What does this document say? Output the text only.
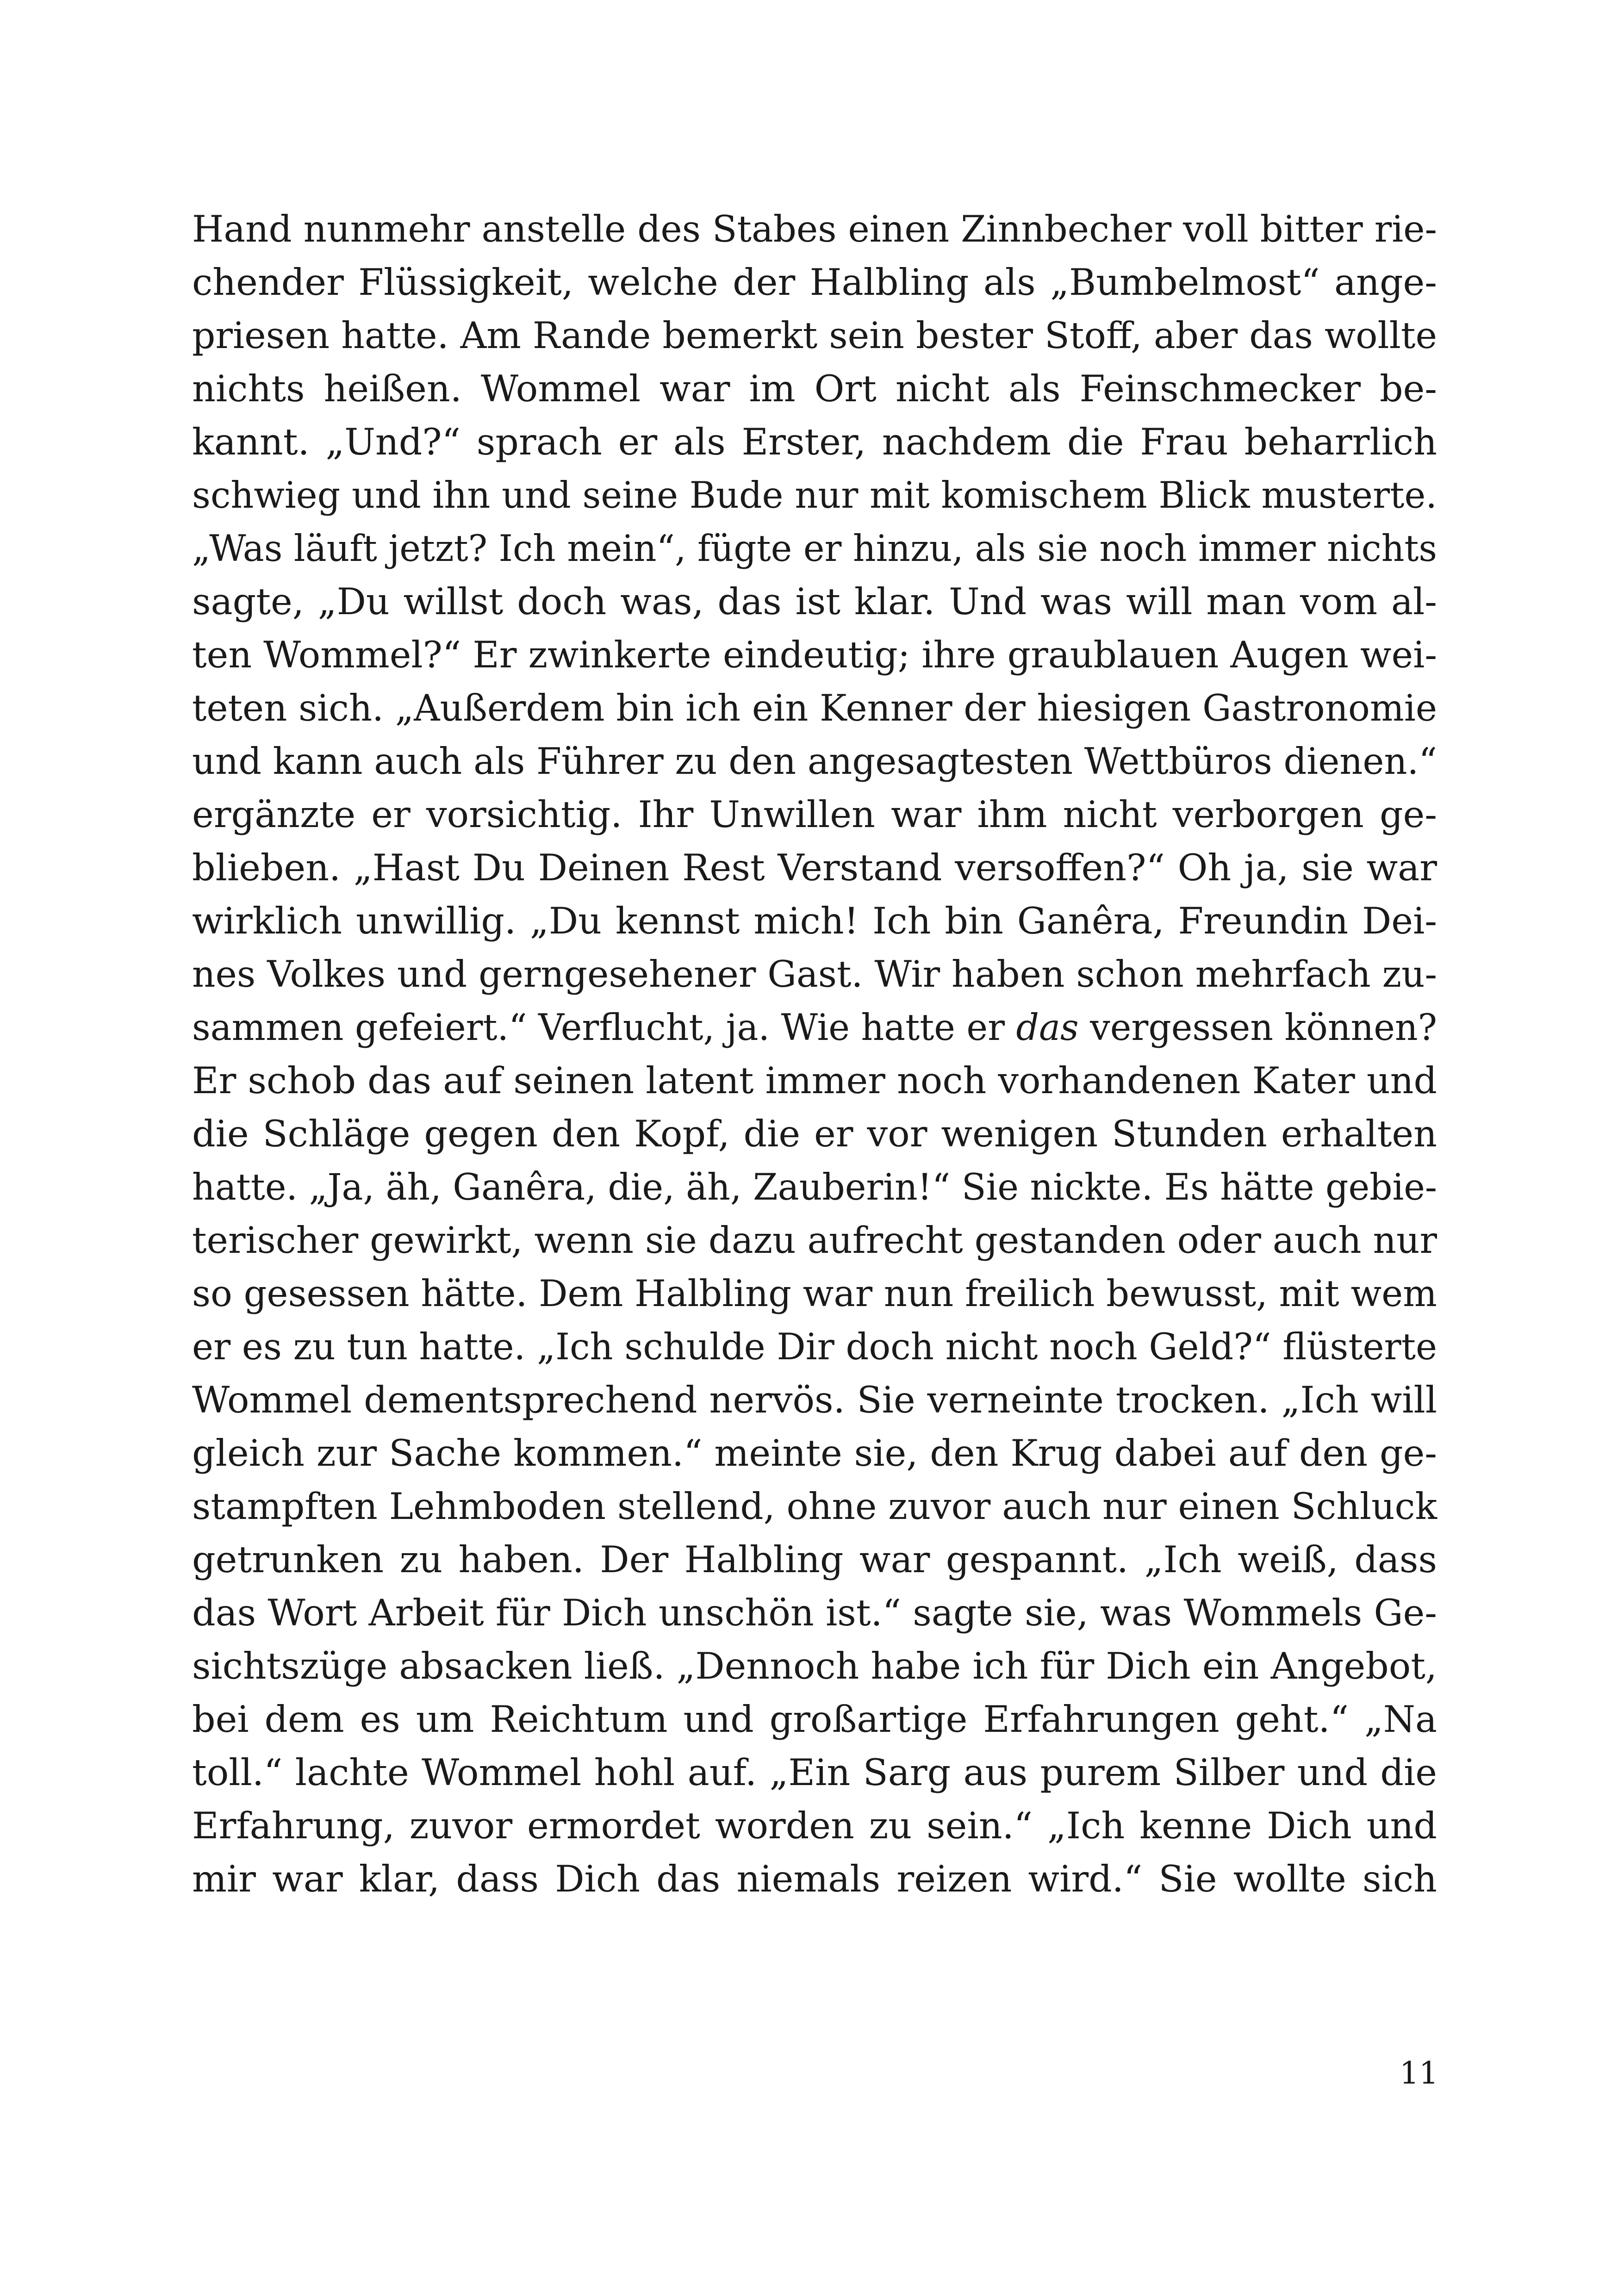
Hand nunmehr anstelle des Stabes einen Zinnbecher voll bitter rie-
chender Flüssigkeit, welche der Halbling als „Bumbelmost“ ange-
priesen hatte. Am Rande bemerkt sein bester Stoff, aber das wollte
nichts heißen. Wommel war im Ort nicht als Feinschmecker be-
kannt. „Und?“ sprach er als Erster, nachdem die Frau beharrlich
schwieg und ihn und seine Bude nur mit komischem Blick musterte.
„Was läuft jetzt? Ich mein“, fügte er hinzu, als sie noch immer nichts
sagte, „Du willst doch was, das ist klar. Und was will man vom al-
ten Wommel?“ Er zwinkerte eindeutig; ihre graublauen Augen wei-
teten sich. „Außerdem bin ich ein Kenner der hiesigen Gastronomie
und kann auch als Führer zu den angesagtesten Wettbüros dienen.“
ergänzte er vorsichtig. Ihr Unwillen war ihm nicht verborgen ge-
blieben. „Hast Du Deinen Rest Verstand versoffen?“ Oh ja, sie war
wirklich unwillig. „Du kennst mich! Ich bin Ganêra, Freundin Dei-
nes Volkes und gerngesehener Gast. Wir haben schon mehrfach zu-
sammen gefeiert.“ Verflucht, ja. Wie hatte er das vergessen können?
Er schob das auf seinen latent immer noch vorhandenen Kater und
die Schläge gegen den Kopf, die er vor wenigen Stunden erhalten
hatte. „Ja, äh, Ganêra, die, äh, Zauberin!“ Sie nickte. Es hätte gebie-
terischer gewirkt, wenn sie dazu aufrecht gestanden oder auch nur
so gesessen hätte. Dem Halbling war nun freilich bewusst, mit wem
er es zu tun hatte. „Ich schulde Dir doch nicht noch Geld?“ flüsterte
Wommel dementsprechend nervös. Sie verneinte trocken. „Ich will
gleich zur Sache kommen.“ meinte sie, den Krug dabei auf den ge-
stampften Lehmboden stellend, ohne zuvor auch nur einen Schluck
getrunken zu haben. Der Halbling war gespannt. „Ich weiß, dass
das Wort Arbeit für Dich unschön ist.“ sagte sie, was Wommels Ge-
sichtszüge absacken ließ. „Dennoch habe ich für Dich ein Angebot,
bei dem es um Reichtum und großartige Erfahrungen geht.“ „Na
toll.“ lachte Wommel hohl auf. „Ein Sarg aus purem Silber und die
Erfahrung, zuvor ermordet worden zu sein.“ „Ich kenne Dich und
mir war klar, dass Dich das niemals reizen wird.“ Sie wollte sich
11
